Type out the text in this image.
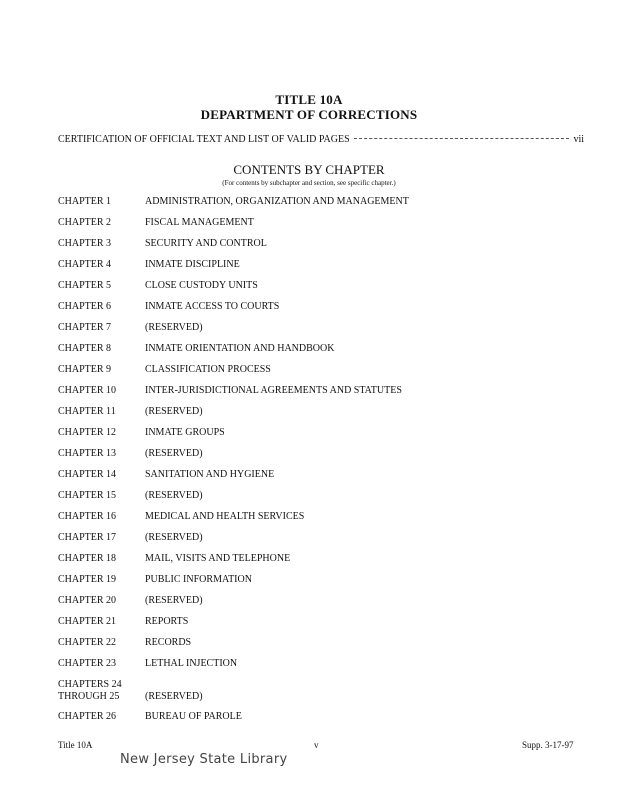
TITLE 10A
DEPARTMENT OF CORRECTIONS
CERTIFICATION OF OFFICIAL TEXT AND LIST OF VALID PAGES	vii
CONTENTS BY CHAPTER
(For contents by subchapter and section, see specific chapter.)
CHAPTER 1	ADMINISTRATION, ORGANIZATION AND MANAGEMENT
CHAPTER 2	FISCAL MANAGEMENT
CHAPTER 3	SECURITY AND CONTROL
CHAPTER 4	INMATE DISCIPLINE
CHAPTER 5	CLOSE CUSTODY UNITS
CHAPTER 6	INMATE ACCESS TO COURTS
CHAPTER 7	(RESERVED)
CHAPTER 8	INMATE ORIENTATION AND HANDBOOK
CHAPTER 9	CLASSIFICATION PROCESS
CHAPTER 10	INTER-JURISDICTIONAL AGREEMENTS AND STATUTES
CHAPTER 11	(RESERVED)
CHAPTER 12	INMATE GROUPS
CHAPTER 13	(RESERVED)
CHAPTER 14	SANITATION AND HYGIENE
CHAPTER 15	(RESERVED)
CHAPTER 16	MEDICAL AND HEALTH SERVICES
CHAPTER 17	(RESERVED)
CHAPTER 18	MAIL, VISITS AND TELEPHONE
CHAPTER 19	PUBLIC INFORMATION
CHAPTER 20	(RESERVED)
CHAPTER 21	REPORTS
CHAPTER 22	RECORDS
CHAPTER 23	LETHAL INJECTION
CHAPTERS 24
THROUGH 25	(RESERVED)
CHAPTER 26	BUREAU OF PAROLE
Title 10A	v	Supp. 3-17-97
New Jersey State Library
